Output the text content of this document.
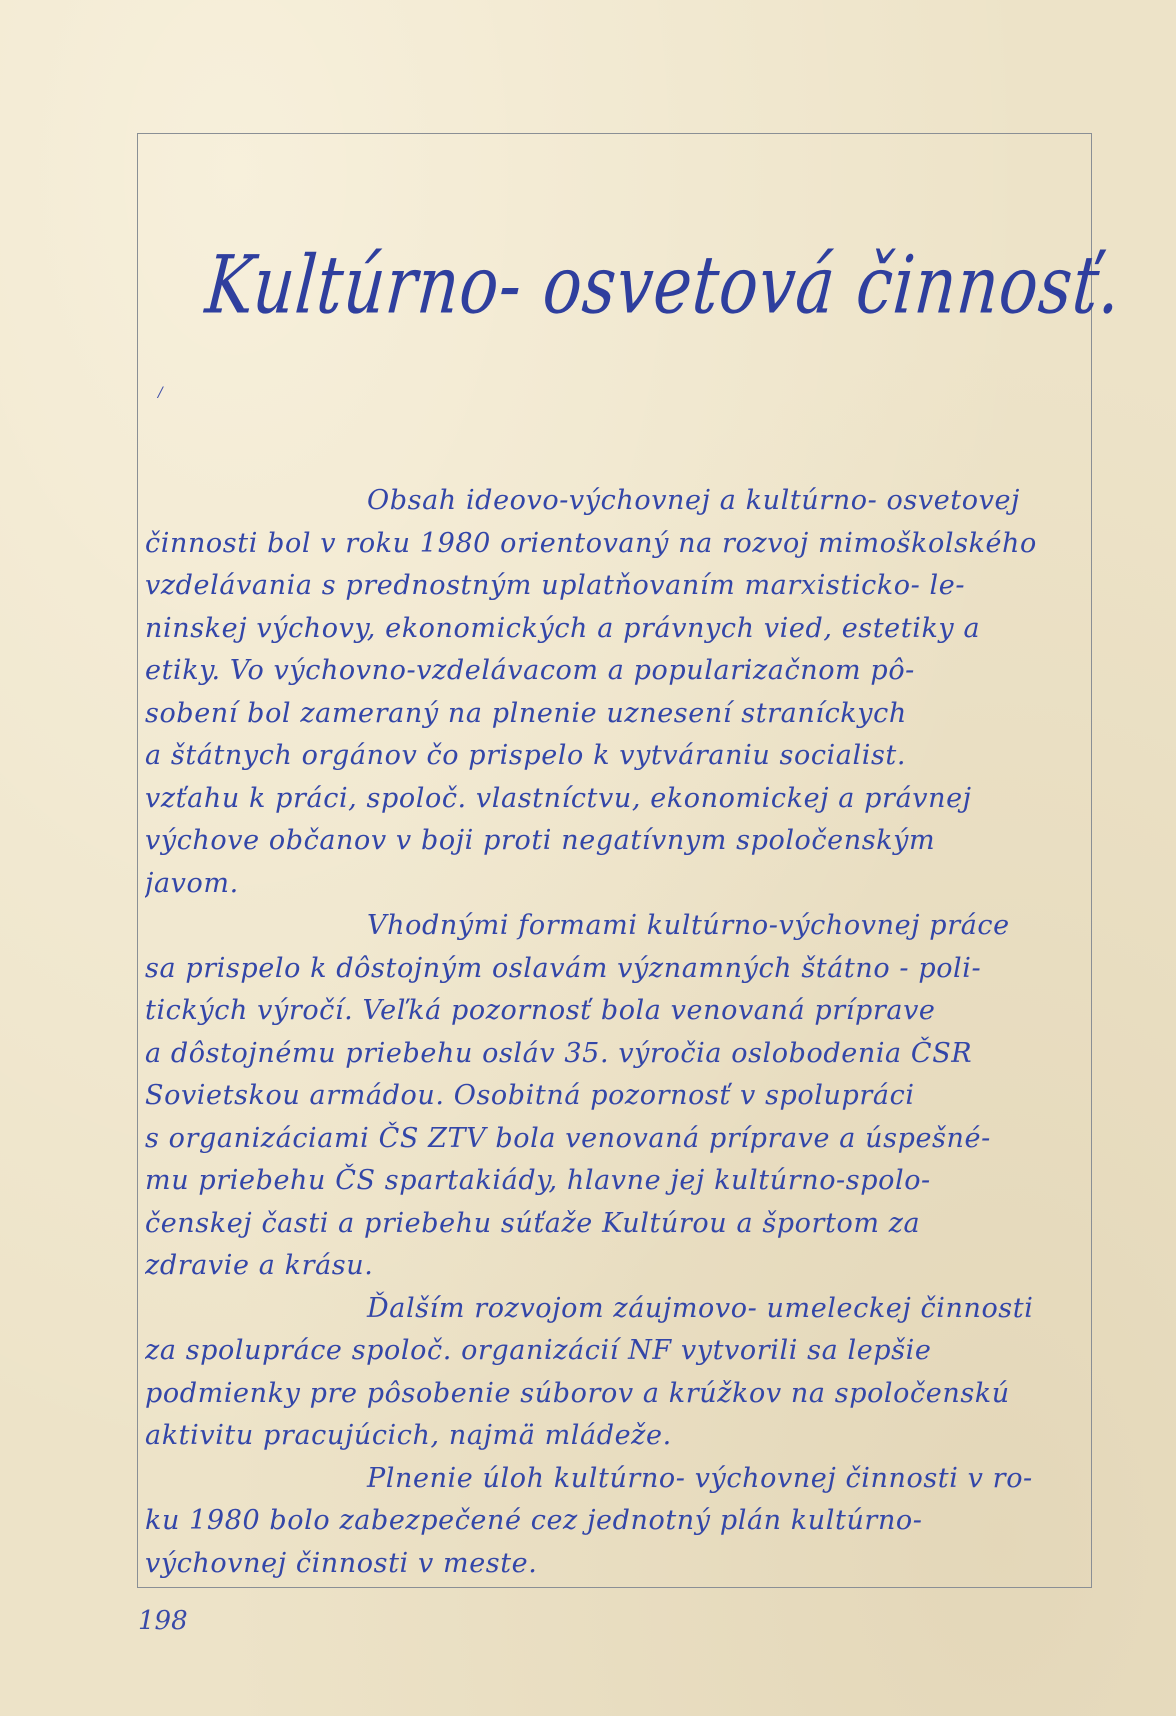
Kultúrno- osvetová činnosť.
/
Obsah ideovo-výchovnej a kultúrno- osvetovej
činnosti bol v roku 1980 orientovaný na rozvoj mimoškolského
vzdelávania s prednostným uplatňovaním marxisticko- le-
ninskej výchovy, ekonomických a právnych vied, estetiky a
etiky. Vo výchovno-vzdelávacom a popularizačnom pô-
sobení bol zameraný na plnenie uznesení straníckych
a štátnych orgánov čo prispelo k vytváraniu socialist.
vzťahu k práci, spoloč. vlastníctvu, ekonomickej a právnej
výchove občanov v boji proti negatívnym spoločenským
javom.
Vhodnými formami kultúrno-výchovnej práce
sa prispelo k dôstojným oslavám významných štátno - poli-
tických výročí. Veľká pozornosť bola venovaná príprave
a dôstojnému priebehu osláv 35. výročia oslobodenia ČSR
Sovietskou armádou. Osobitná pozornosť v spolupráci
s organizáciami ČS ZTV bola venovaná príprave a úspešné-
mu priebehu ČS spartakiády, hlavne jej kultúrno-spolo-
čenskej časti a priebehu súťaže Kultúrou a športom za
zdravie a krásu.
Ďalším rozvojom záujmovo- umeleckej činnosti
za spolupráce spoloč. organizácií NF vytvorili sa lepšie
podmienky pre pôsobenie súborov a krúžkov na spoločenskú
aktivitu pracujúcich, najmä mládeže.
Plnenie úloh kultúrno- výchovnej činnosti v ro-
ku 1980 bolo zabezpečené cez jednotný plán kultúrno-
výchovnej činnosti v meste.
198
